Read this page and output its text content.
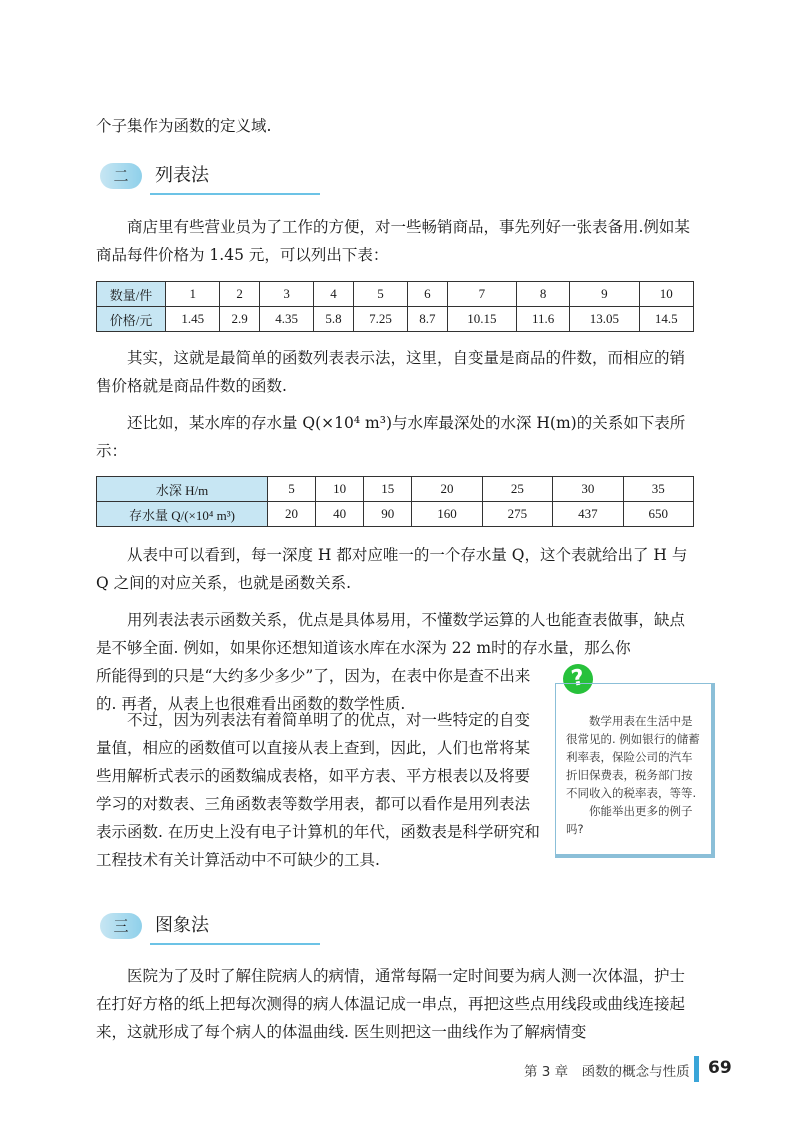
个子集作为函数的定义域.

二	列表法

商店里有些营业员为了工作的方便，对一些畅销商品，事先列好一张表备用.例如某商品每件价格为 1.45 元，可以列出下表：

数量/件	1	2	3	4	5	6	7	8	9	10
价格/元	1.45	2.9	4.35	5.8	7.25	8.7	10.15	11.6	13.05	14.5

其实，这就是最简单的函数列表表示法，这里，自变量是商品的件数，而相应的销售价格就是商品件数的函数.

还比如，某水库的存水量 Q(×10⁴ m³)与水库最深处的水深 H(m)的关系如下表所示：

水深 H/m	5	10	15	20	25	30	35
存水量 Q/(×10⁴ m³)	20	40	90	160	275	437	650

从表中可以看到，每一深度 H 都对应唯一的一个存水量 Q，这个表就给出了 H 与 Q 之间的对应关系，也就是函数关系.

用列表法表示函数关系，优点是具体易用，不懂数学运算的人也能查表做事，缺点是不够全面. 例如，如果你还想知道该水库在水深为 22 m时的存水量，那么你

所能得到的只是“大约多少多少”了，因为，在表中你是查不出来的. 再者，从表上也很难看出函数的数学性质.

不过，因为列表法有着简单明了的优点，对一些特定的自变量值，相应的函数值可以直接从表上查到，因此，人们也常将某些用解析式表示的函数编成表格，如平方表、平方根表以及将要学习的对数表、三角函数表等数学用表，都可以看作是用列表法表示函数. 在历史上没有电子计算机的年代，函数表是科学研究和工程技术有关计算活动中不可缺少的工具.

?

数学用表在生活中是很常见的. 例如银行的储蓄利率表，保险公司的汽车折旧保费表，税务部门按不同收入的税率表，等等.

你能举出更多的例子吗?

三	图象法

医院为了及时了解住院病人的病情，通常每隔一定时间要为病人测一次体温，护士在打好方格的纸上把每次测得的病人体温记成一串点，再把这些点用线段或曲线连接起来，这就形成了每个病人的体温曲线. 医生则把这一曲线作为了解病情变

第 3 章　函数的概念与性质 69
